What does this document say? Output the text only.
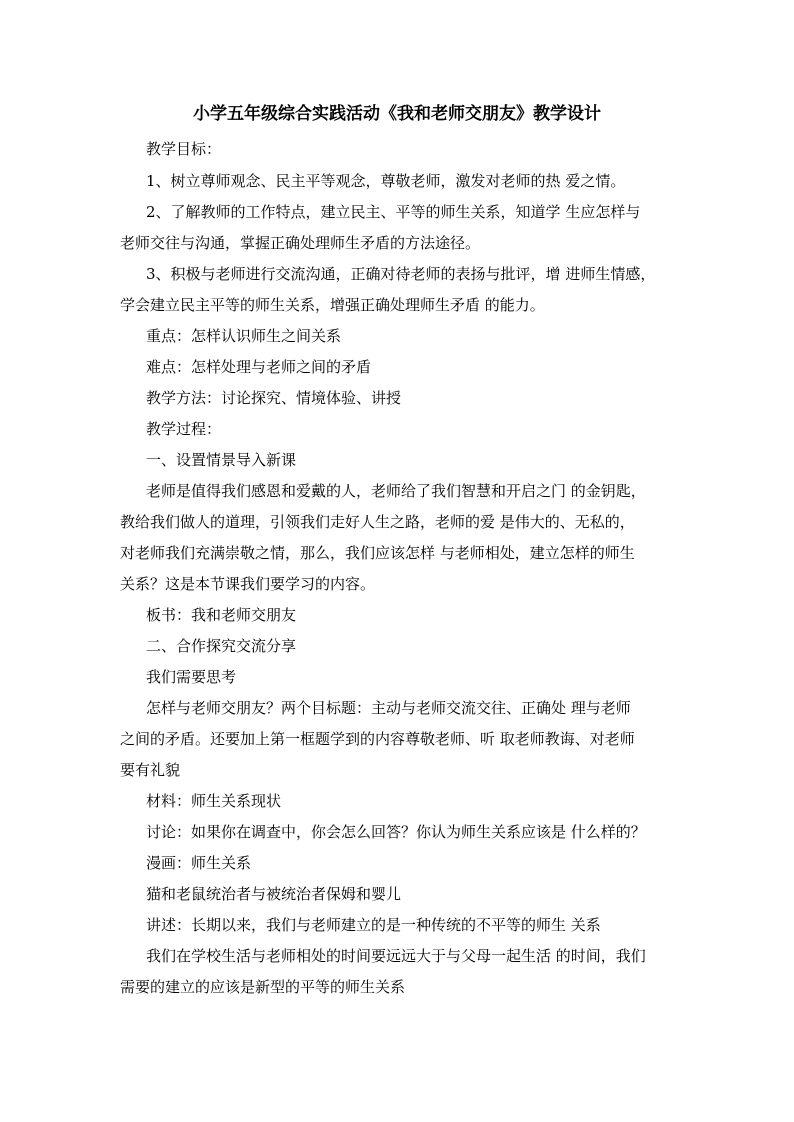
小学五年级综合实践活动《我和老师交朋友》教学设计
教学目标：
1、树立尊师观念、民主平等观念，尊敬老师，激发对老师的热 爱之情。
2、了解教师的工作特点，建立民主、平等的师生关系，知道学 生应怎样与
老师交往与沟通，掌握正确处理师生矛盾的方法途径。
3、积极与老师进行交流沟通，正确对待老师的表扬与批评，增 进师生情感，
学会建立民主平等的师生关系，增强正确处理师生矛盾 的能力。
重点：怎样认识师生之间关系
难点：怎样处理与老师之间的矛盾
教学方法：讨论探究、情境体验、讲授
教学过程：
一、设置情景导入新课
老师是值得我们感恩和爱戴的人，老师给了我们智慧和开启之门 的金钥匙，
教给我们做人的道理，引领我们走好人生之路，老师的爱 是伟大的、无私的，
对老师我们充满崇敬之情，那么，我们应该怎样 与老师相处，建立怎样的师生
关系？这是本节课我们要学习的内容。
板书：我和老师交朋友
二、合作探究交流分享
我们需要思考
怎样与老师交朋友？两个目标题：主动与老师交流交往、正确处 理与老师
之间的矛盾。还要加上第一框题学到的内容尊敬老师、听 取老师教诲、对老师
要有礼貌
材料：师生关系现状
讨论：如果你在调查中，你会怎么回答？你认为师生关系应该是 什么样的？
漫画：师生关系
猫和老鼠统治者与被统治者保姆和婴儿
讲述：长期以来，我们与老师建立的是一种传统的不平等的师生 关系
我们在学校生活与老师相处的时间要远远大于与父母一起生活 的时间，我们
需要的建立的应该是新型的平等的师生关系
